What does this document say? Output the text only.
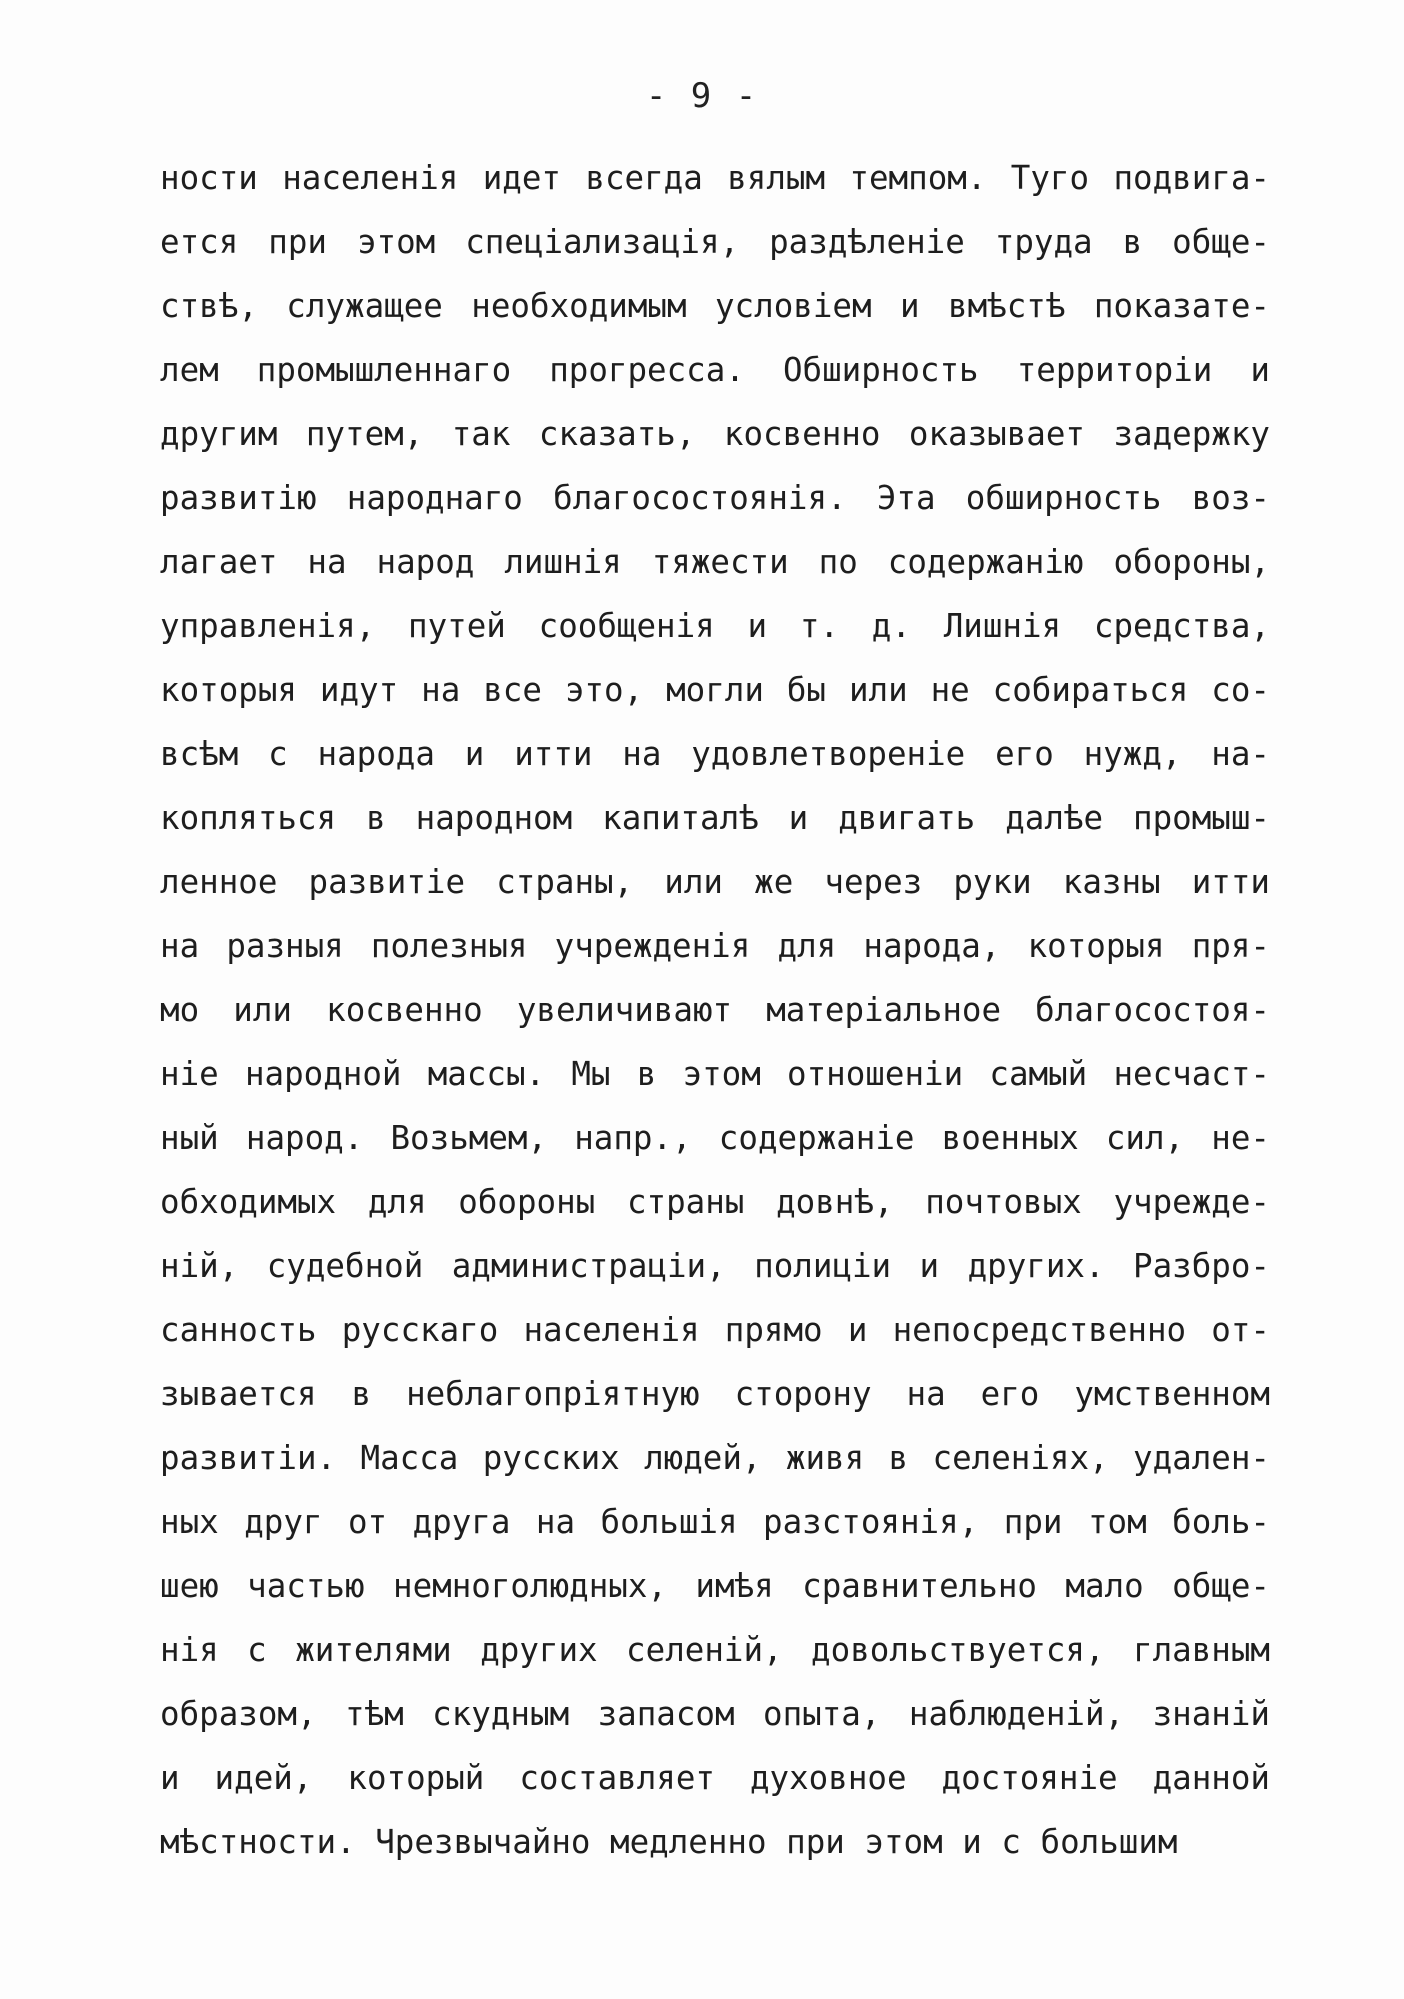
- 9 -
ности населенія идет всегда вялым темпом. Туго подвига-
ется при этом спеціализація, раздѣленіе труда в обще-
ствѣ, служащее необходимым условіем и вмѣстѣ показате-
лем промышленнаго прогресса. Обширность территоріи и
другим путем, так сказать, косвенно оказывает задержку
развитію народнаго благосостоянія. Эта обширность воз-
лагает на народ лишнія тяжести по содержанію обороны,
управленія, путей сообщенія и т. д. Лишнія средства,
которыя идут на все это, могли бы или не собираться со-
всѣм с народа и итти на удовлетвореніе его нужд, на-
копляться в народном капиталѣ и двигать далѣе промыш-
ленное развитіе страны, или же через руки казны итти
на разныя полезныя учрежденія для народа, которыя пря-
мо или косвенно увеличивают матеріальное благосостоя-
ніе народной массы. Мы в этом отношеніи самый несчаст-
ный народ. Возьмем, напр., содержаніе военных сил, не-
обходимых для обороны страны довнѣ, почтовых учрежде-
ній, судебной администраціи, полиціи и других. Разбро-
санность русскаго населенія прямо и непосредственно от-
зывается в неблагопріятную сторону на его умственном
развитіи. Масса русских людей, живя в селеніях, удален-
ных друг от друга на большія разстоянія, при том боль-
шею частью немноголюдных, имѣя сравнительно мало обще-
нія с жителями других селеній, довольствуется, главным
образом, тѣм скудным запасом опыта, наблюденій, знаній
и идей, который составляет духовное достояніе данной
мѣстности. Чрезвычайно медленно при этом и с большим
